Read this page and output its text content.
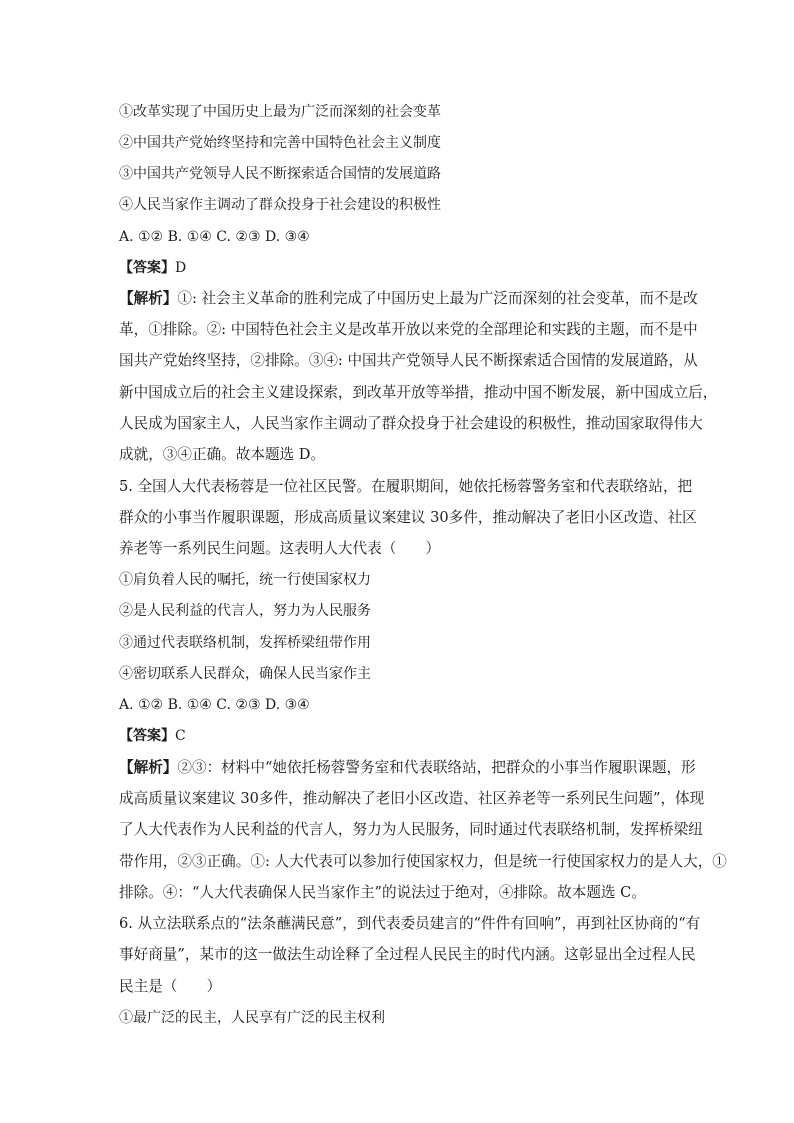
①改革实现了中国历史上最为广泛而深刻的社会变革
②中国共产党始终坚持和完善中国特色社会主义制度
③中国共产党领导人民不断探索适合国情的发展道路
④人民当家作主调动了群众投身于社会建设的积极性
A. ①② B. ①④ C. ②③ D. ③④
【答案】D
【解析】①: 社会主义革命的胜利完成了中国历史上最为广泛而深刻的社会变革，而不是改
革，①排除。②: 中国特色社会主义是改革开放以来党的全部理论和实践的主题，而不是中
国共产党始终坚持，②排除。③④: 中国共产党领导人民不断探索适合国情的发展道路，从
新中国成立后的社会主义建设探索，到改革开放等举措，推动中国不断发展，新中国成立后，
人民成为国家主人，人民当家作主调动了群众投身于社会建设的积极性，推动国家取得伟大
成就，③④正确。故本题选 D。
5. 全国人大代表杨蓉是一位社区民警。在履职期间，她依托杨蓉警务室和代表联络站，把
群众的小事当作履职课题，形成高质量议案建议 30多件，推动解决了老旧小区改造、社区
养老等一系列民生问题。这表明人大代表（　　）
①肩负着人民的嘱托，统一行使国家权力
②是人民利益的代言人，努力为人民服务
③通过代表联络机制，发挥桥梁纽带作用
④密切联系人民群众，确保人民当家作主
A. ①② B. ①④ C. ②③ D. ③④
【答案】C
【解析】②③：材料中“她依托杨蓉警务室和代表联络站，把群众的小事当作履职课题，形
成高质量议案建议 30多件，推动解决了老旧小区改造、社区养老等一系列民生问题”，体现
了人大代表作为人民利益的代言人，努力为人民服务，同时通过代表联络机制，发挥桥梁纽
带作用，②③正确。①: 人大代表可以参加行使国家权力，但是统一行使国家权力的是人大，①
排除。④：“人大代表确保人民当家作主”的说法过于绝对，④排除。故本题选 C。
6. 从立法联系点的“法条蘸满民意”，到代表委员建言的“件件有回响”，再到社区协商的“有
事好商量”，某市的这一做法生动诠释了全过程人民民主的时代内涵。这彰显出全过程人民
民主是（　　）
①最广泛的民主，人民享有广泛的民主权利
